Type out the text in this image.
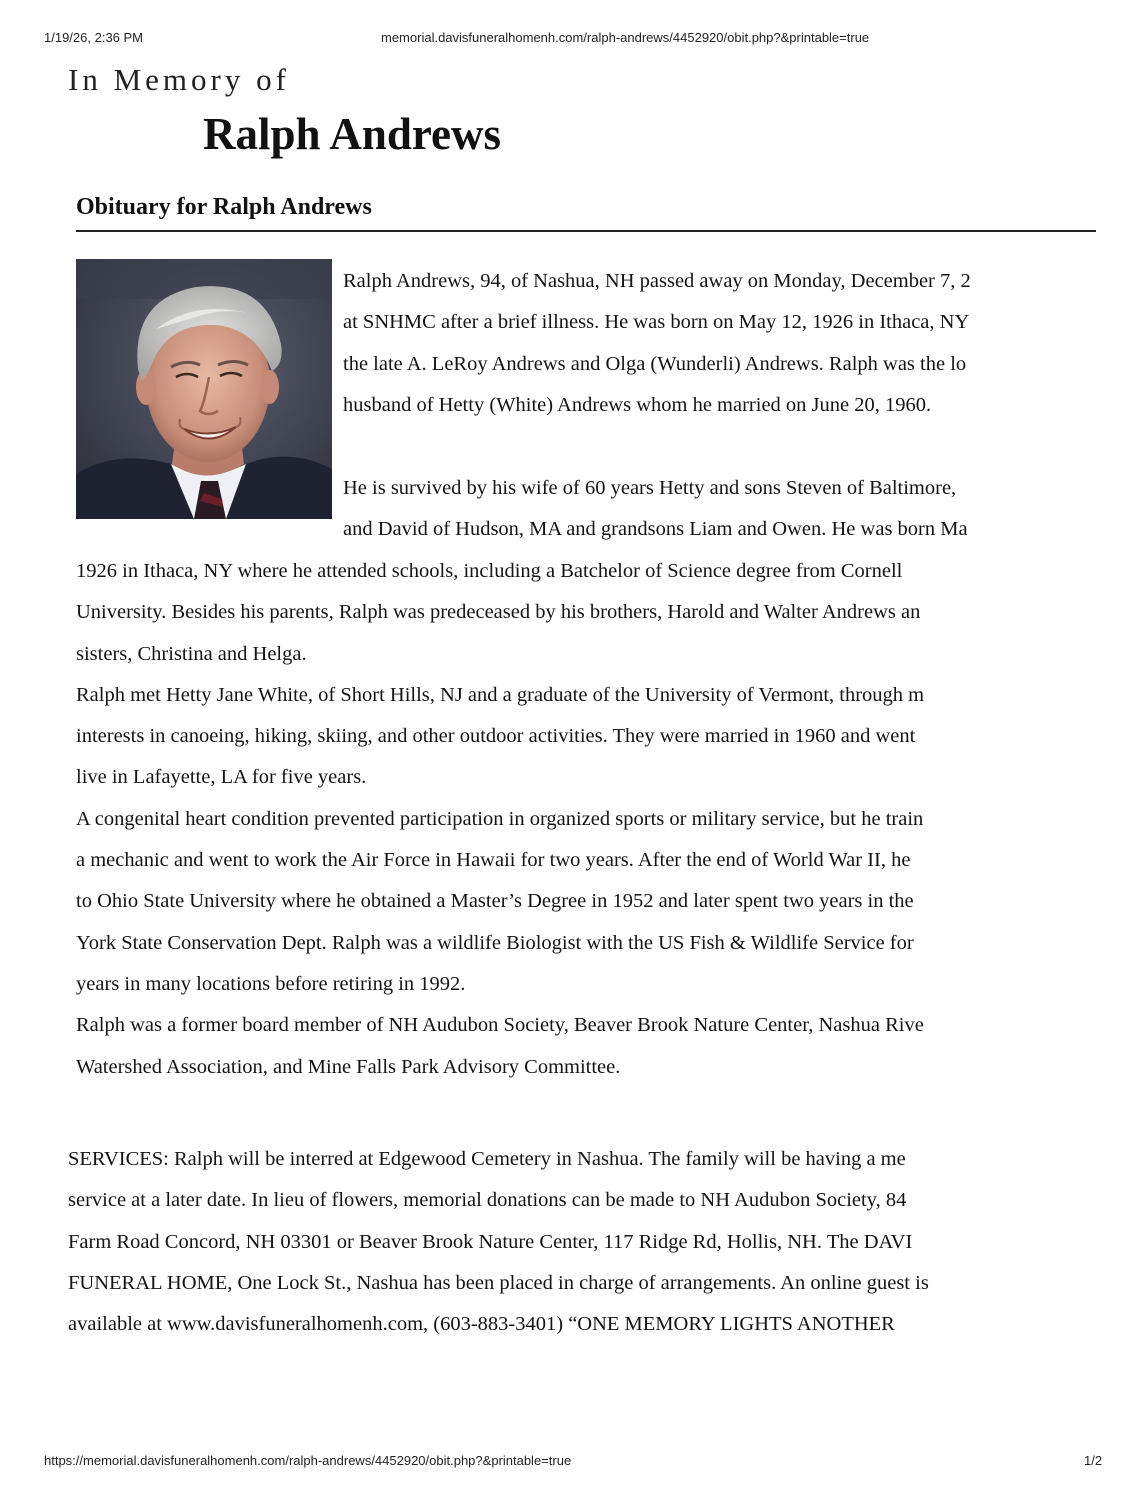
1/19/26, 2:36 PM	memorial.davisfuneralhomenh.com/ralph-andrews/4452920/obit.php?&printable=true
In Memory of
Ralph Andrews
Obituary for Ralph Andrews
Ralph Andrews, 94, of Nashua, NH passed away on Monday, December 7, 2
at SNHMC after a brief illness. He was born on May 12, 1926 in Ithaca, NY
the late A. LeRoy Andrews and Olga (Wunderli) Andrews. Ralph was the lo
husband of Hetty (White) Andrews whom he married on June 20, 1960.
He is survived by his wife of 60 years Hetty and sons Steven of Baltimore,
and David of Hudson, MA and grandsons Liam and Owen. He was born Ma
1926 in Ithaca, NY where he attended schools, including a Batchelor of Science degree from Cornell
University. Besides his parents, Ralph was predeceased by his brothers, Harold and Walter Andrews an
sisters, Christina and Helga.
Ralph met Hetty Jane White, of Short Hills, NJ and a graduate of the University of Vermont, through m
interests in canoeing, hiking, skiing, and other outdoor activities. They were married in 1960 and went
live in Lafayette, LA for five years.
A congenital heart condition prevented participation in organized sports or military service, but he train
a mechanic and went to work the Air Force in Hawaii for two years. After the end of World War II, he
to Ohio State University where he obtained a Master’s Degree in 1952 and later spent two years in the
York State Conservation Dept. Ralph was a wildlife Biologist with the US Fish & Wildlife Service for
years in many locations before retiring in 1992.
Ralph was a former board member of NH Audubon Society, Beaver Brook Nature Center, Nashua Rive
Watershed Association, and Mine Falls Park Advisory Committee.
SERVICES: Ralph will be interred at Edgewood Cemetery in Nashua. The family will be having a me
service at a later date. In lieu of flowers, memorial donations can be made to NH Audubon Society, 84
Farm Road Concord, NH 03301 or Beaver Brook Nature Center, 117 Ridge Rd, Hollis, NH. The DAVI
FUNERAL HOME, One Lock St., Nashua has been placed in charge of arrangements. An online guest is
available at www.davisfuneralhomenh.com, (603-883-3401) “ONE MEMORY LIGHTS ANOTHER
https://memorial.davisfuneralhomenh.com/ralph-andrews/4452920/obit.php?&printable=true	1/2
